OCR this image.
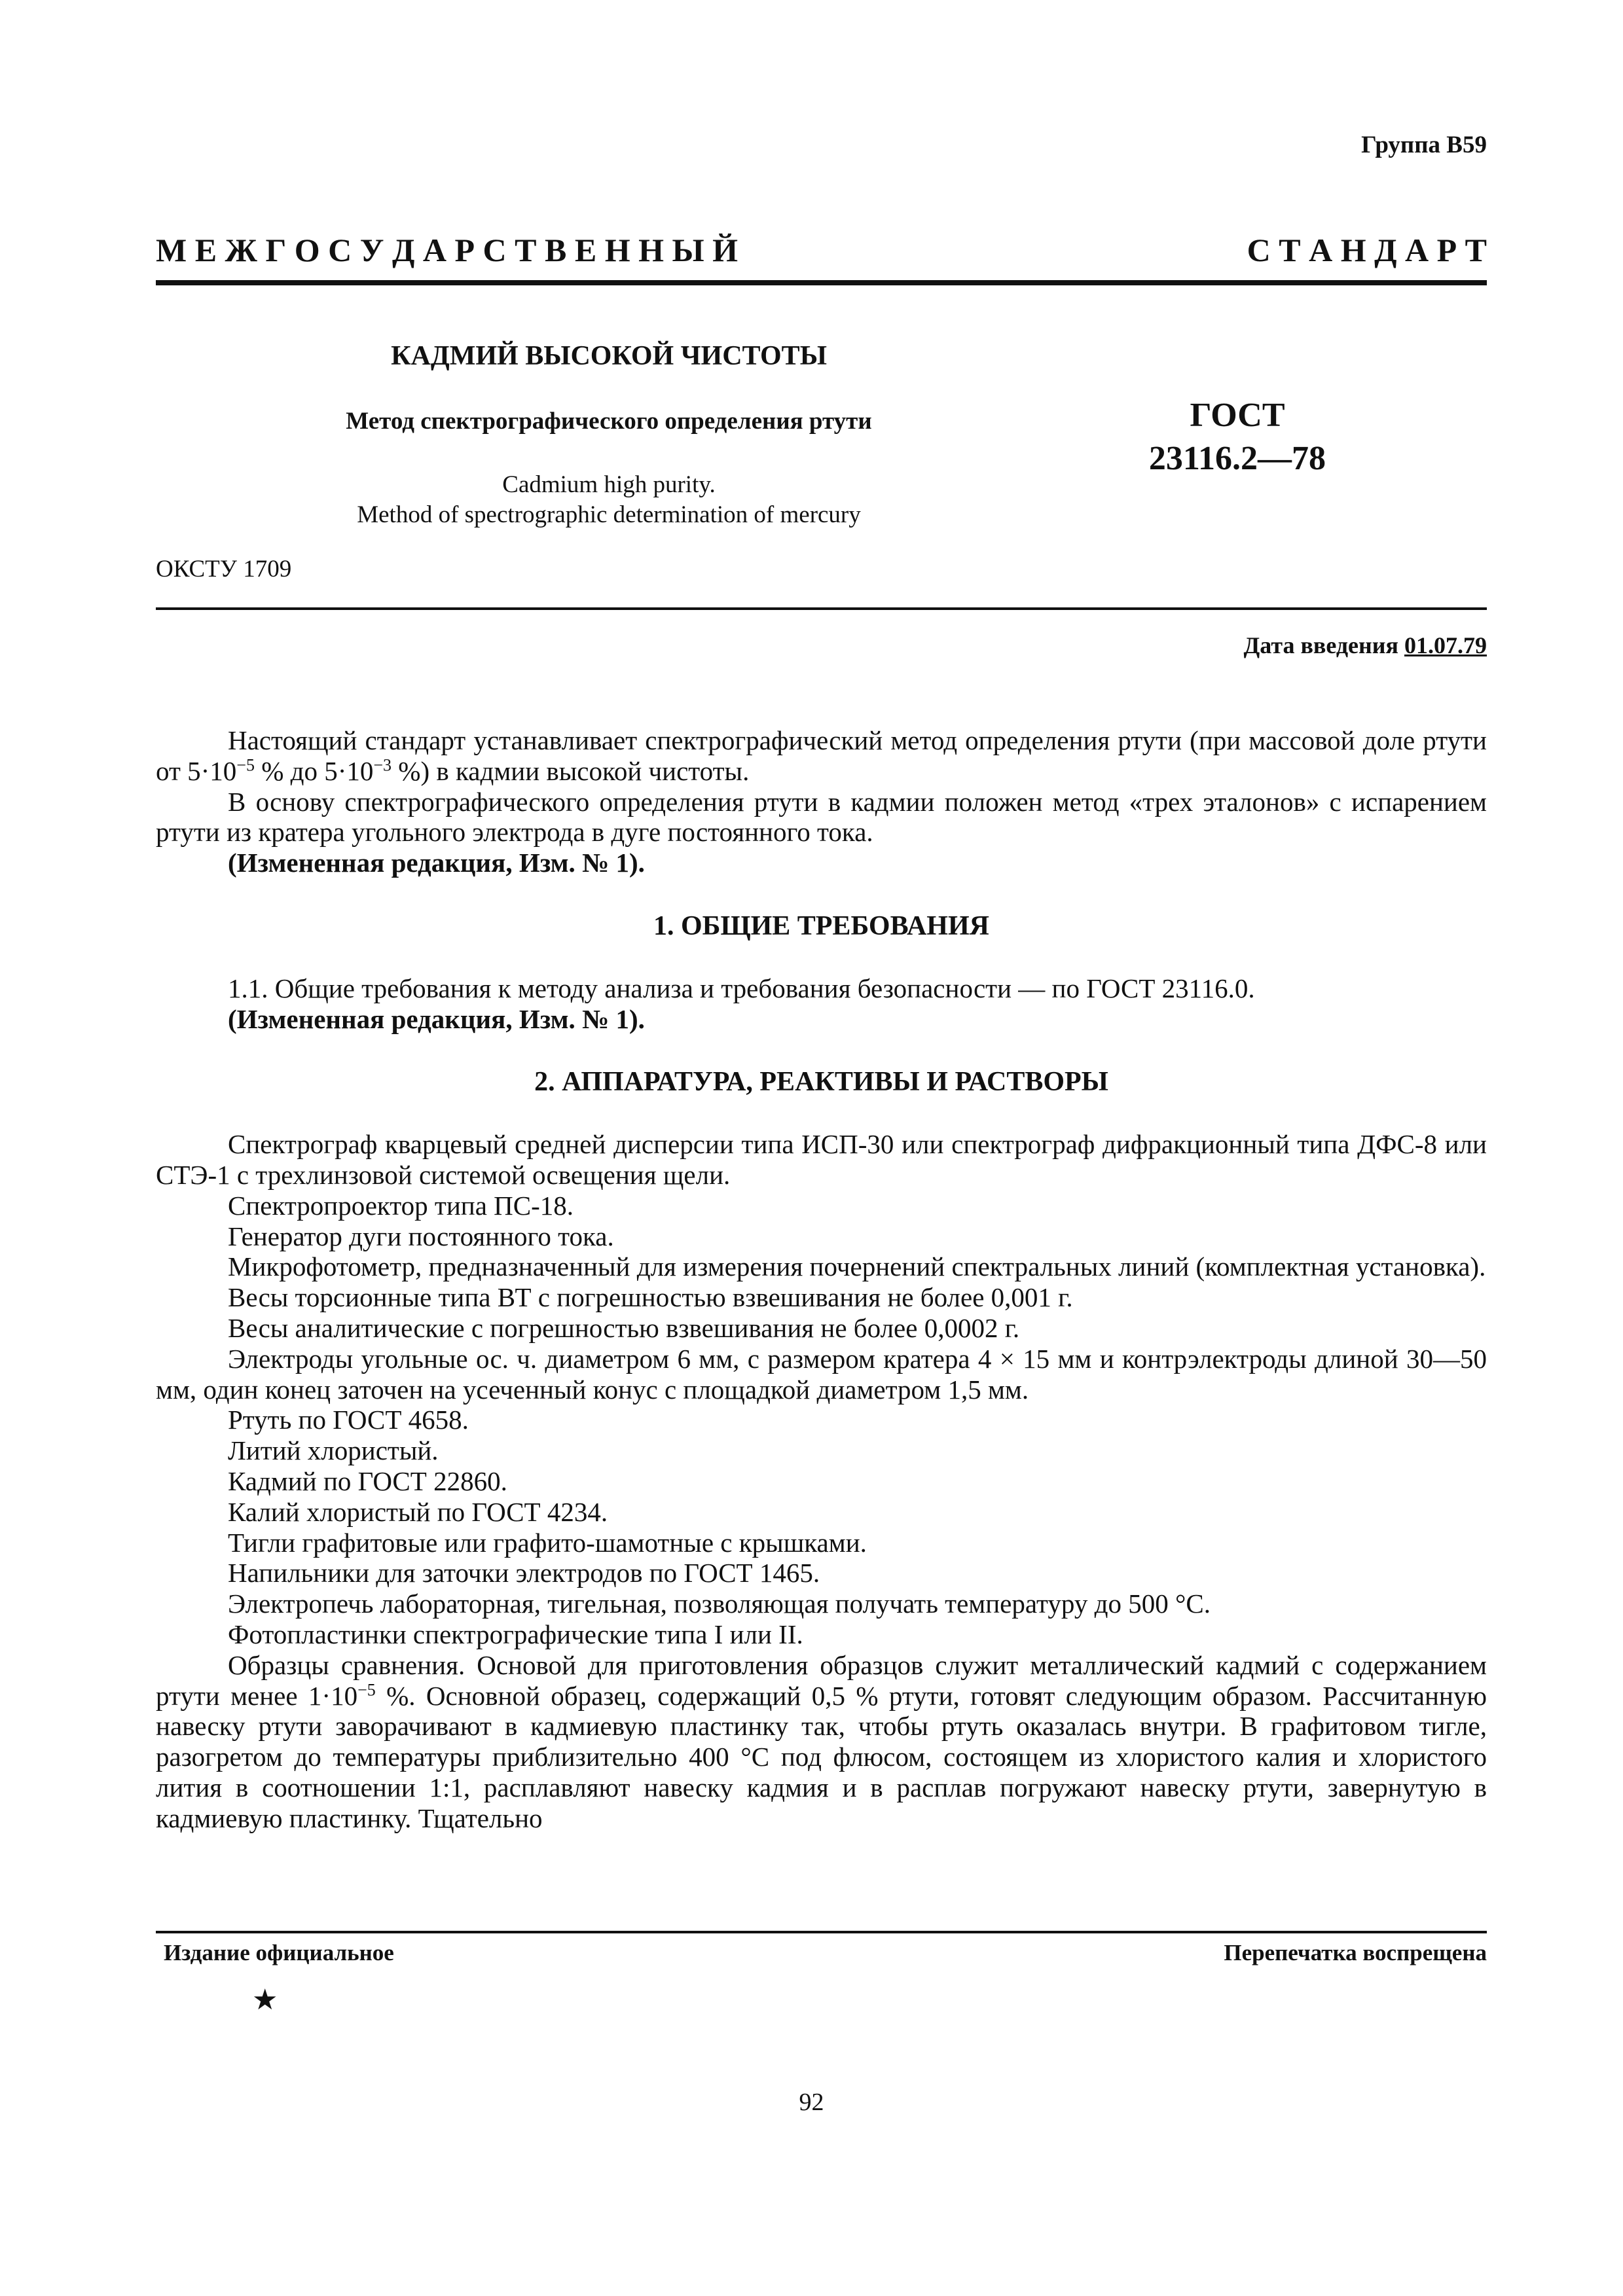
Группа В59
М Е Ж Г О С У Д А Р С Т В Е Н Н Ы Й	С Т А Н Д А Р Т
КАДМИЙ ВЫСОКОЙ ЧИСТОТЫ
Метод спектрографического определения ртути
Cadmium high purity.
Method of spectrographic determination of mercury
ГОСТ
23116.2—78
ОКСТУ 1709
Дата введения 01.07.79

Настоящий стандарт устанавливает спектрографический метод определения ртути (при массовой доле ртути от $5\cdot 10^{-5}$ % до $5\cdot 10^{-3}$ %) в кадмии высокой чистоты.

В основу спектрографического определения ртути в кадмии положен метод «трех эталонов» с испарением ртути из кратера угольного электрода в дуге постоянного тока.

(Измененная редакция, Изм. № 1).

1. ОБЩИЕ ТРЕБОВАНИЯ

1.1. Общие требования к методу анализа и требования безопасности — по ГОСТ 23116.0.

(Измененная редакция, Изм. № 1).

2. АППАРАТУРА, РЕАКТИВЫ И РАСТВОРЫ

Спектрограф кварцевый средней дисперсии типа ИСП-30 или спектрограф дифракционный типа ДФС-8 или СТЭ-1 с трехлинзовой системой освещения щели.

Спектропроектор типа ПС-18.

Генератор дуги постоянного тока.

Микрофотометр, предназначенный для измерения почернений спектральных линий (комплектная установка).

Весы торсионные типа ВТ с погрешностью взвешивания не более 0,001 г.

Весы аналитические с погрешностью взвешивания не более 0,0002 г.

Электроды угольные ос. ч. диаметром 6 мм, с размером кратера 4 × 15 мм и контрэлектроды длиной 30—50 мм, один конец заточен на усеченный конус с площадкой диаметром 1,5 мм.

Ртуть по ГОСТ 4658.

Литий хлористый.

Кадмий по ГОСТ 22860.

Калий хлористый по ГОСТ 4234.

Тигли графитовые или графито-шамотные с крышками.

Напильники для заточки электродов по ГОСТ 1465.

Электропечь лабораторная, тигельная, позволяющая получать температуру до 500 °С.

Фотопластинки спектрографические типа I или II.

Образцы сравнения. Основой для приготовления образцов служит металлический кадмий с содержанием ртути менее $1\cdot 10^{-5}$ %. Основной образец, содержащий 0,5 % ртути, готовят следующим образом. Рассчитанную навеску ртути заворачивают в кадмиевую пластинку так, чтобы ртуть оказалась внутри. В графитовом тигле, разогретом до температуры приблизительно 400 °С под флюсом, состоящем из хлористого калия и хлористого лития в соотношении 1:1, расплавляют навеску кадмия и в расплав погружают навеску ртути, завернутую в кадмиевую пластинку. Тщательно

Издание официальное	Перепечатка воспрещена
★
92
